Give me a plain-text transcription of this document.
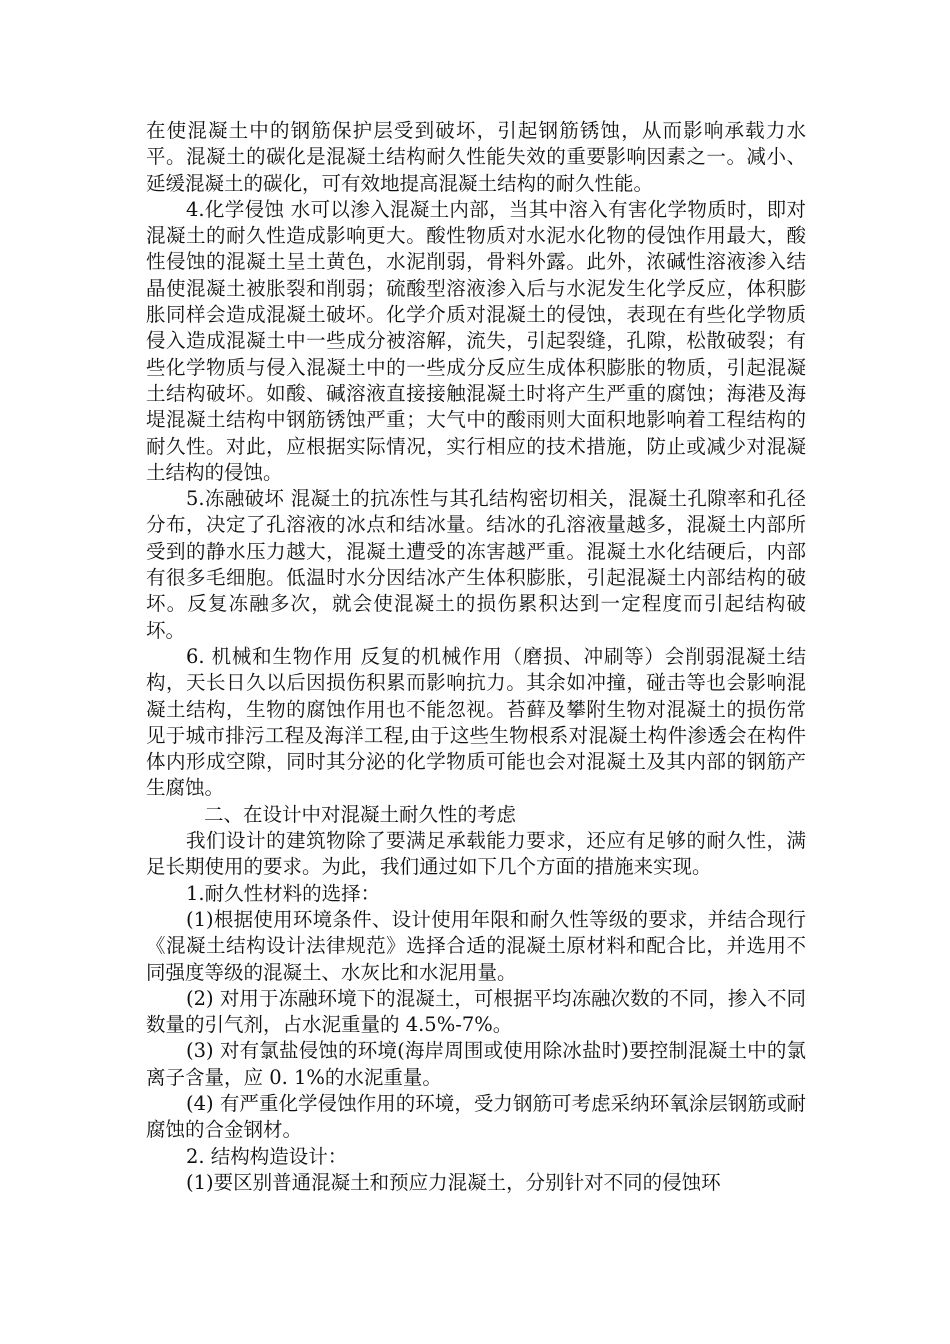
在使混凝土中的钢筋保护层受到破坏，引起钢筋锈蚀，从而影响承载力水平。混凝土的碳化是混凝土结构耐久性能失效的重要影响因素之一。减小、延缓混凝土的碳化，可有效地提高混凝土结构的耐久性能。

4.化学侵蚀 水可以渗入混凝土内部，当其中溶入有害化学物质时，即对混凝土的耐久性造成影响更大。酸性物质对水泥水化物的侵蚀作用最大，酸性侵蚀的混凝土呈土黄色，水泥削弱，骨料外露。此外，浓碱性溶液渗入结晶使混凝土被胀裂和削弱；硫酸型溶液渗入后与水泥发生化学反应，体积膨胀同样会造成混凝土破坏。化学介质对混凝土的侵蚀，表现在有些化学物质侵入造成混凝土中一些成分被溶解，流失，引起裂缝，孔隙，松散破裂；有些化学物质与侵入混凝土中的一些成分反应生成体积膨胀的物质，引起混凝土结构破坏。如酸、碱溶液直接接触混凝土时将产生严重的腐蚀；海港及海堤混凝土结构中钢筋锈蚀严重；大气中的酸雨则大面积地影响着工程结构的耐久性。对此，应根据实际情况，实行相应的技术措施，防止或减少对混凝土结构的侵蚀。

5.冻融破坏 混凝土的抗冻性与其孔结构密切相关，混凝土孔隙率和孔径分布，决定了孔溶液的冰点和结冰量。结冰的孔溶液量越多，混凝土内部所受到的静水压力越大，混凝土遭受的冻害越严重。混凝土水化结硬后，内部有很多毛细胞。低温时水分因结冰产生体积膨胀，引起混凝土内部结构的破坏。反复冻融多次，就会使混凝土的损伤累积达到一定程度而引起结构破坏。

6. 机械和生物作用 反复的机械作用（磨损、冲刷等）会削弱混凝土结构，天长日久以后因损伤积累而影响抗力。其余如冲撞，碰击等也会影响混凝土结构，生物的腐蚀作用也不能忽视。苔藓及攀附生物对混凝土的损伤常见于城市排污工程及海洋工程,由于这些生物根系对混凝土构件渗透会在构件体内形成空隙，同时其分泌的化学物质可能也会对混凝土及其内部的钢筋产生腐蚀。

二、在设计中对混凝土耐久性的考虑

我们设计的建筑物除了要满足承载能力要求，还应有足够的耐久性，满足长期使用的要求。为此，我们通过如下几个方面的措施来实现。

1.耐久性材料的选择：

(1)根据使用环境条件、设计使用年限和耐久性等级的要求，并结合现行《混凝土结构设计法律规范》选择合适的混凝土原材料和配合比，并选用不同强度等级的混凝土、水灰比和水泥用量。

(2) 对用于冻融环境下的混凝土，可根据平均冻融次数的不同，掺入不同数量的引气剂，占水泥重量的 4.5%-7%。

(3) 对有氯盐侵蚀的环境(海岸周围或使用除冰盐时)要控制混凝土中的氯离子含量，应 0. 1%的水泥重量。

(4) 有严重化学侵蚀作用的环境，受力钢筋可考虑采纳环氧涂层钢筋或耐腐蚀的合金钢材。

2. 结构构造设计：

(1)要区别普通混凝土和预应力混凝土，分别针对不同的侵蚀环
